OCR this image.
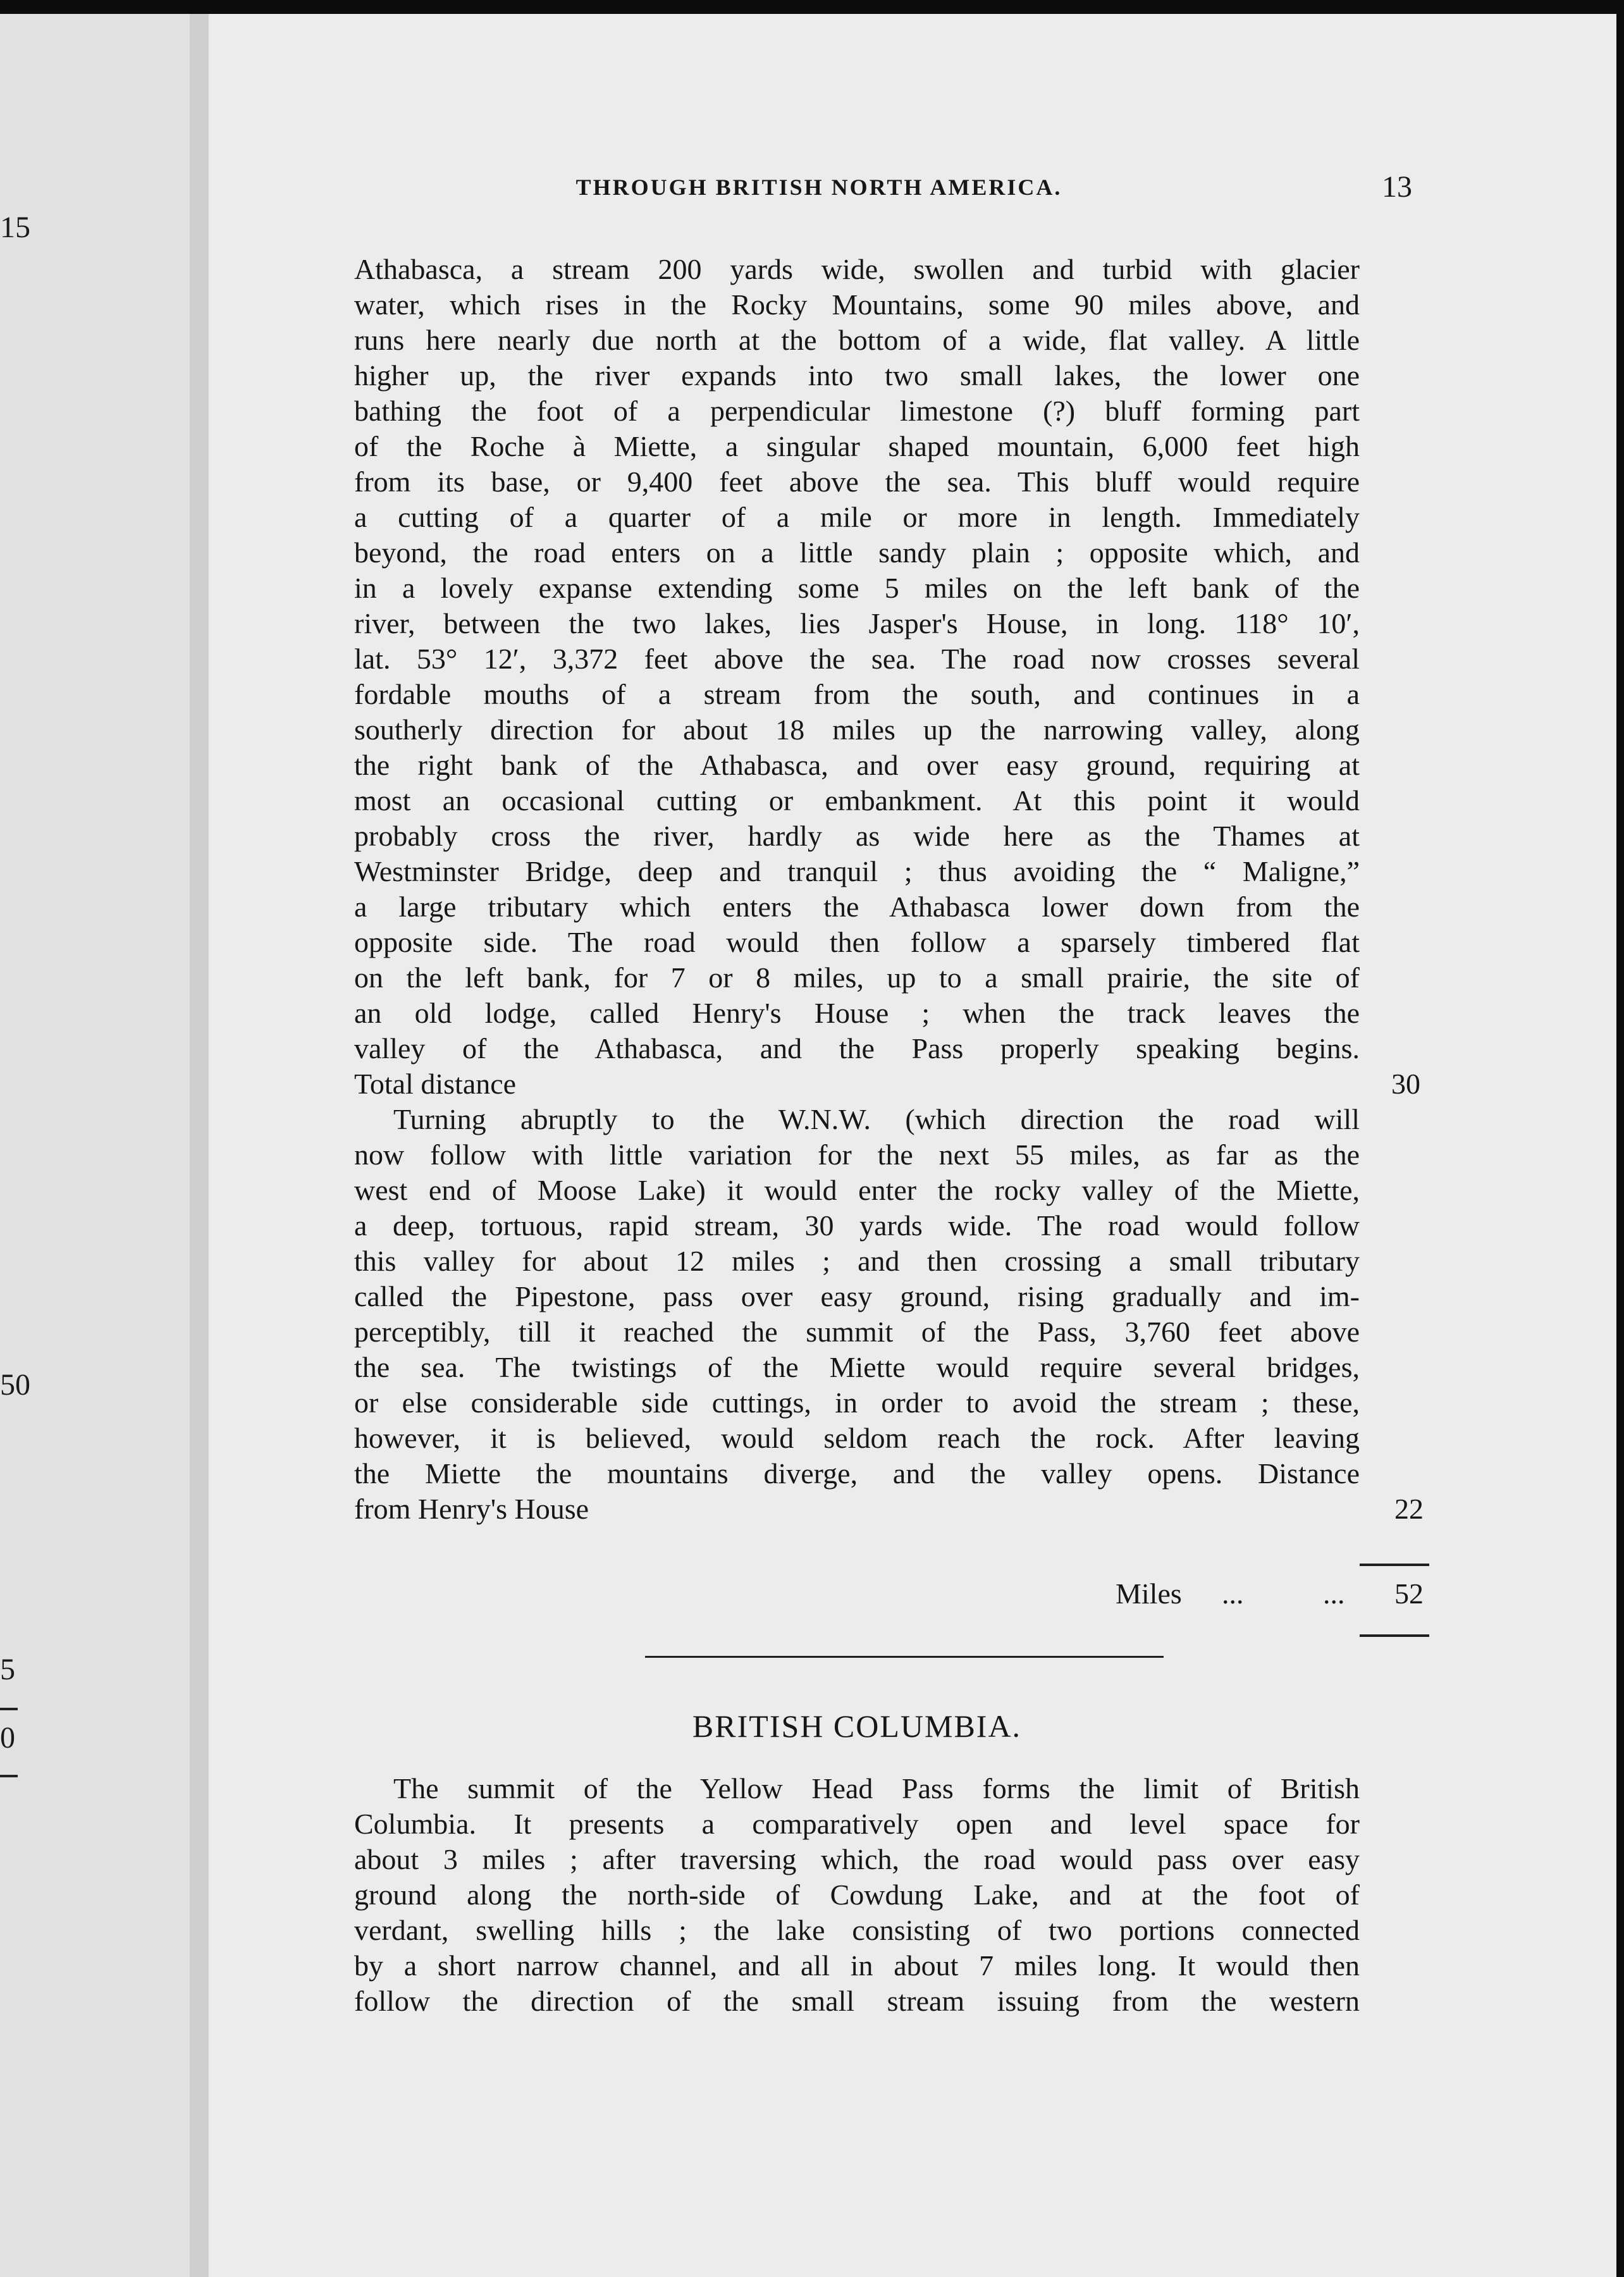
15
50
5
0
THROUGH BRITISH NORTH AMERICA.	13
Athabasca, a stream 200 yards wide, swollen and turbid with glacier
water, which rises in the Rocky Mountains, some 90 miles above, and
runs here nearly due north at the bottom of a wide, flat valley. A little
higher up, the river expands into two small lakes, the lower one
bathing the foot of a perpendicular limestone (?) bluff forming part
of the Roche à Miette, a singular shaped mountain, 6,000 feet high
from its base, or 9,400 feet above the sea. This bluff would require
a cutting of a quarter of a mile or more in length. Immediately
beyond, the road enters on a little sandy plain ; opposite which, and
in a lovely expanse extending some 5 miles on the left bank of the
river, between the two lakes, lies Jasper's House, in long. 118° 10′,
lat. 53° 12′, 3,372 feet above the sea. The road now crosses several
fordable mouths of a stream from the south, and continues in a
southerly direction for about 18 miles up the narrowing valley, along
the right bank of the Athabasca, and over easy ground, requiring at
most an occasional cutting or embankment. At this point it would
probably cross the river, hardly as wide here as the Thames at
Westminster Bridge, deep and tranquil ; thus avoiding the “ Maligne,”
a large tributary which enters the Athabasca lower down from the
opposite side. The road would then follow a sparsely timbered flat
on the left bank, for 7 or 8 miles, up to a small prairie, the site of
an old lodge, called Henry's House ; when the track leaves the
valley of the Athabasca, and the Pass properly speaking begins.
Total distance
Turning abruptly to the W.N.W. (which direction the road will
now follow with little variation for the next 55 miles, as far as the
west end of Moose Lake) it would enter the rocky valley of the Miette,
a deep, tortuous, rapid stream, 30 yards wide. The road would follow
this valley for about 12 miles ; and then crossing a small tributary
called the Pipestone, pass over easy ground, rising gradually and im-
perceptibly, till it reached the summit of the Pass, 3,760 feet above
the sea. The twistings of the Miette would require several bridges,
or else considerable side cuttings, in order to avoid the stream ; these,
however, it is believed, would seldom reach the rock. After leaving
the Miette the mountains diverge, and the valley opens. Distance
from Henry's House
30
22
Miles ...	... 52
BRITISH COLUMBIA.
The summit of the Yellow Head Pass forms the limit of British
Columbia. It presents a comparatively open and level space for
about 3 miles ; after traversing which, the road would pass over easy
ground along the north-side of Cowdung Lake, and at the foot of
verdant, swelling hills ; the lake consisting of two portions connected
by a short narrow channel, and all in about 7 miles long. It would then
follow the direction of the small stream issuing from the western
